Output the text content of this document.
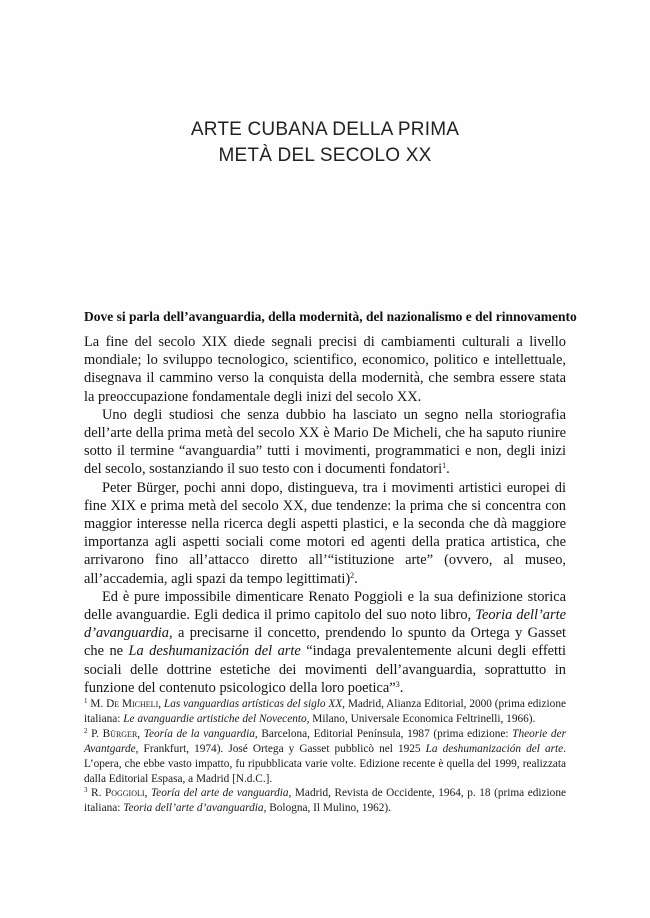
ARTE CUBANA DELLA PRIMA
METÀ DEL SECOLO XX
Dove si parla dell’avanguardia, della modernità, del nazionalismo e del rinnovamento

La fine del secolo XIX diede segnali precisi di cambiamenti culturali a livello mondiale; lo sviluppo tecnologico, scientifico, economico, politico e intellettuale, disegnava il cammino verso la conquista della modernità, che sembra essere stata la preoccupazione fondamentale degli inizi del secolo XX.

Uno degli studiosi che senza dubbio ha lasciato un segno nella storiografia dell’arte della prima metà del secolo XX è Mario De Micheli, che ha saputo riunire sotto il termine “avanguardia” tutti i movimenti, programmatici e non, degli inizi del secolo, sostanziando il suo testo con i documenti fondatori$^1$.

Peter Bürger, pochi anni dopo, distingueva, tra i movimenti artistici europei di fine XIX e prima metà del secolo XX, due tendenze: la prima che si concentra con maggior interesse nella ricerca degli aspetti plastici, e la seconda che dà maggiore importanza agli aspetti sociali come motori ed agenti della pratica artistica, che arrivarono fino all’attacco diretto all’“istituzione arte” (ovvero, al museo, all’accademia, agli spazi da tempo legittimati)$^2$.

Ed è pure impossibile dimenticare Renato Poggioli e la sua definizione storica delle avanguardie. Egli dedica il primo capitolo del suo noto libro, Teoria dell’arte d’avanguardia, a precisarne il concetto, prendendo lo spunto da Ortega y Gasset che ne La deshumanización del arte “indaga prevalentemente alcuni degli effetti sociali delle dottrine estetiche dei movimenti dell’avanguardia, soprattutto in funzione del contenuto psicologico della loro poetica”$^3$.

$^1$ M. De Micheli, Las vanguardias artísticas del siglo XX, Madrid, Alianza Editorial, 2000 (prima edizione italiana: Le avanguardie artistiche del Novecento, Milano, Universale Economica Feltrinelli, 1966).

$^2$ P. Bürger, Teoría de la vanguardia, Barcelona, Editorial Península, 1987 (prima edizione: Theorie der Avantgarde, Frankfurt, 1974). José Ortega y Gasset pubblicò nel 1925 La deshumanización del arte. L’opera, che ebbe vasto impatto, fu ripubblicata varie volte. Edizione recente è quella del 1999, realizzata dalla Editorial Espasa, a Madrid [N.d.C.].

$^3$ R. Poggioli, Teoría del arte de vanguardia, Madrid, Revista de Occidente, 1964, p. 18 (prima edizione italiana: Teoria dell’arte d’avanguardia, Bologna, Il Mulino, 1962).
